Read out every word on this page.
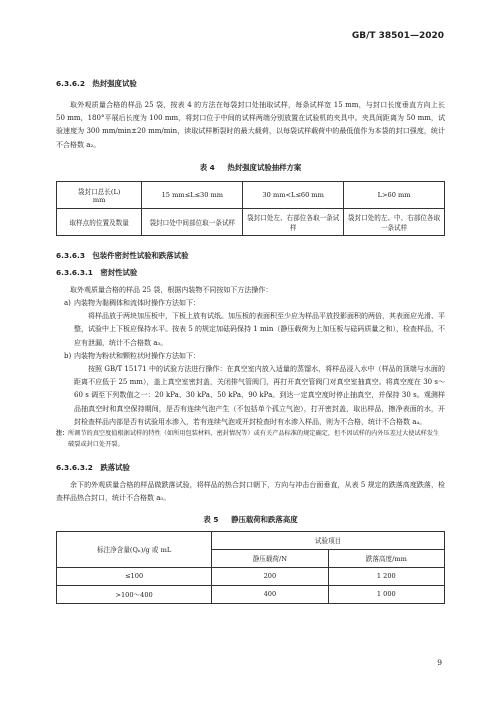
GB/T 38501—2020

6.3.6.2　热封强度试验

取外观质量合格的样品 25 袋，按表 4 的方法在每袋封口处抽取试样，每条试样宽 15 mm，与封口长度垂直方向上长 50 mm，180°平展后长度为 100 mm，将封口位于中间的试样两端分别放置在试验机的夹具中。夹具间距离为 50 mm，试验速度为 300 mm/min±20 mm/min，读取试样断裂时的最大载荷，以每袋试样载荷中的最低值作为本袋的封口强度，统计不合格数 a₂。

表 4 热封强度试验抽样方案

袋封口总长(L)
mm	15 mm≤L≤30 mm	30 mm<L≤60 mm	L>60 mm
取样点的位置及数量	袋封口处中间部位取一条试样	袋封口处左、右部位各取一条试样	袋封口处的左、中、右部位各取一条试样

6.3.6.3　包装件密封性试验和跌落试验

6.3.6.3.1　密封性试验

取外观质量合格的样品 25 袋，根据内装物不同按如下方法操作：

a) 内装物为黏稠体和流体时操作方法如下：

将样品放于两块加压板中，下板上放有试纸。加压板的表面积至少应为样品平放投影面积的两倍，其表面应光滑、平整，试验中上下板应保持水平。按表 5 的规定加砝码保持 1 min（静压载荷为上加压板与砝码质量之和），检查样品，不应有泄漏，统计不合格数 a₃。

b) 内装物为粉状和颗粒状时操作方法如下：

按照 GB/T 15171 中的试验方法进行操作：在真空室内放入适量的蒸馏水，将样品浸入水中（样品的顶端与水面的距离不应低于 25 mm），盖上真空室密封盖，关闭排气管阀门，再打开真空管阀门对真空室抽真空。将真空度在 30 s～60 s 调至下列数值之一：20 kPa、30 kPa、50 kPa、90 kPa。到达一定真空度时停止抽真空，并保持 30 s。观测样品抽真空时和真空保持期间，是否有连续气泡产生（不包括单个孤立气泡），打开密封盖，取出样品，擦净表面的水，开封检查样品内部是否有试验用水渗入，若有连续气泡或开封检查时有水渗入样品，则为不合格，统计不合格数 a₄。

注： 所调节的真空度值根据试样的特性（如所用包装材料、密封情况等）或有关产品标准的规定确定，但不因试样的内外压差过大使试样发生破裂或封口处开裂。

6.3.6.3.2　跌落试验

余下的外观质量合格的样品做跌落试验，将样品的热合封口朝下，方向与冲击台面垂直，从表 5 规定的跌落高度跌落，检查样品热合封口，统计不合格数 a₅。

表 5 静压载荷和跌落高度

标注净含量(Qₙ)/g 或 mL	试验项目	
	静压载荷/N	跌落高度/mm
≤100	200	1 200
>100～400	400	1 000
9
